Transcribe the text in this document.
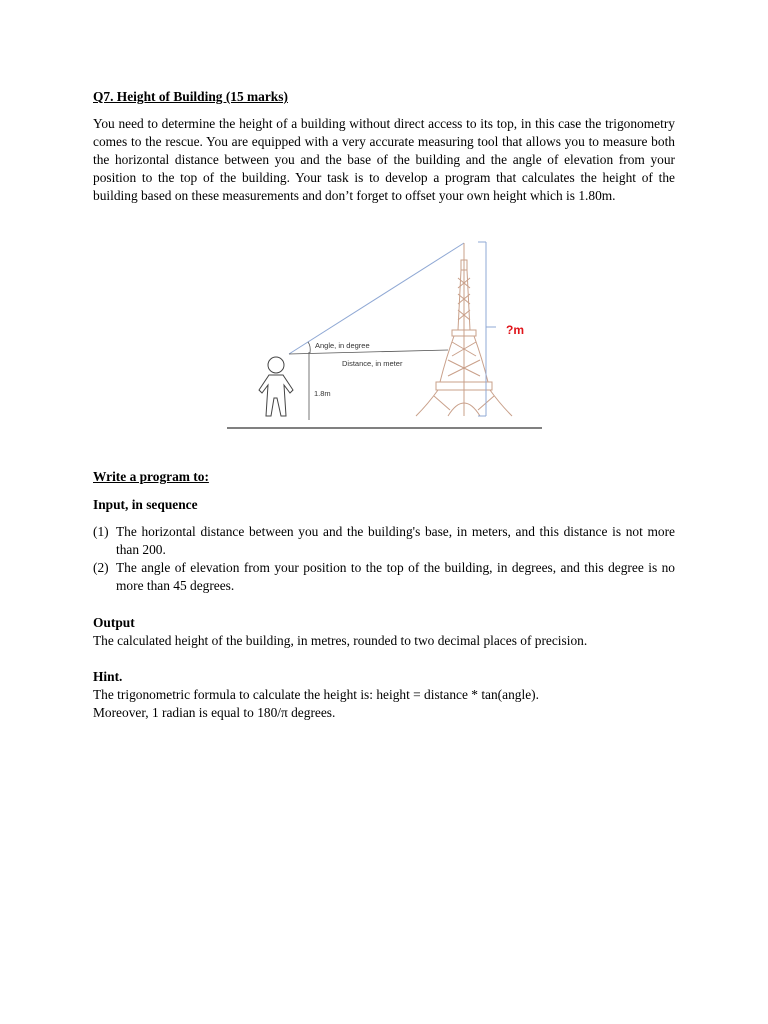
Q7. Height of Building (15 marks)
You need to determine the height of a building without direct access to its top, in this case the trigonometry comes to the rescue. You are equipped with a very accurate measuring tool that allows you to measure both the horizontal distance between you and the base of the building and the angle of elevation from your position to the top of the building. Your task is to develop a program that calculates the height of the building based on these measurements and don’t forget to offset your own height which is 1.80m.
Angle, in degree
Distance, in meter
1.8m
?m
Write a program to:
Input, in sequence
(1) The horizontal distance between you and the building's base, in meters, and this distance is not more than 200.
(2) The angle of elevation from your position to the top of the building, in degrees, and this degree is no more than 45 degrees.
Output
The calculated height of the building, in metres, rounded to two decimal places of precision.
Hint.
The trigonometric formula to calculate the height is: height = distance * tan(angle).
Moreover, 1 radian is equal to 180/π degrees.
